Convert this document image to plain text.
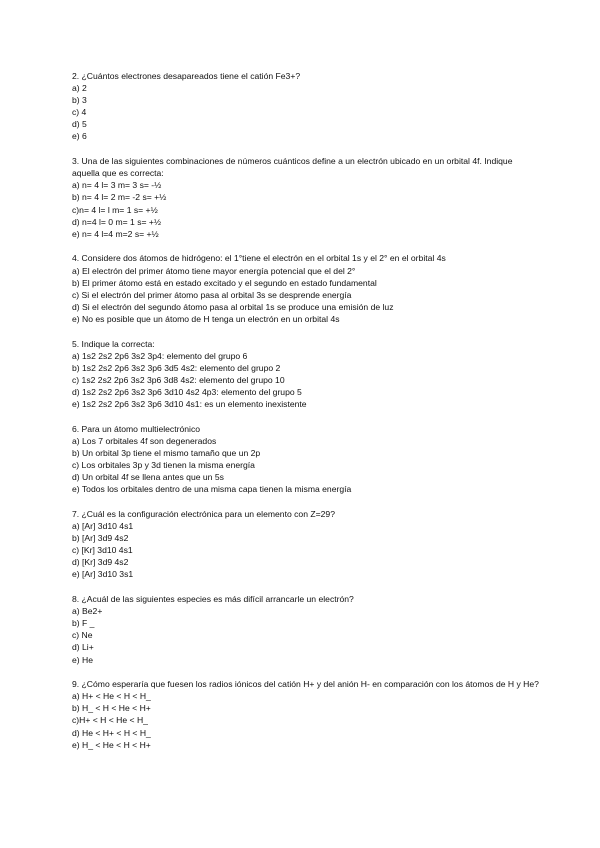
2. ¿Cuántos electrones desapareados tiene el catión Fe3+?

a) 2

b) 3

c) 4

d) 5

e) 6

3. Una de las siguientes combinaciones de números cuánticos define a un electrón ubicado en un orbital 4f. Indique aquella que es correcta:

a) n= 4 l= 3 m= 3 s= -½

b) n= 4 l= 2 m= -2 s= +½

c)n= 4 l= l m= 1 s= +½

d) n=4 l= 0 m= 1 s= +½

e) n= 4 l=4 m=2 s= +½

4. Considere dos átomos de hidrógeno: el 1°tiene el electrón en el orbital 1s y el 2° en el orbital 4s

a) El electrón del primer átomo tiene mayor energía potencial que el del 2°

b) El primer átomo está en estado excitado y el segundo en estado fundamental

c) Si el electrón del primer átomo pasa al orbital 3s se desprende energía

d) Si el electrón del segundo átomo pasa al orbital 1s se produce una emisión de luz

e) No es posible que un átomo de H tenga un electrón en un orbital 4s

5. Indique la correcta:

a) 1s2 2s2 2p6 3s2 3p4: elemento del grupo 6

b) 1s2 2s2 2p6 3s2 3p6 3d5 4s2: elemento del grupo 2

c) 1s2 2s2 2p6 3s2 3p6 3d8 4s2: elemento del grupo 10

d) 1s2 2s2 2p6 3s2 3p6 3d10 4s2 4p3: elemento del grupo 5

e) 1s2 2s2 2p6 3s2 3p6 3d10 4s1: es un elemento inexistente

6. Para un átomo multielectrónico

a) Los 7 orbitales 4f son degenerados

b) Un orbital 3p tiene el mismo tamaño que un 2p

c) Los orbitales 3p y 3d tienen la misma energía

d) Un orbital 4f se llena antes que un 5s

e) Todos los orbitales dentro de una misma capa tienen la misma energía

7. ¿Cuál es la configuración electrónica para un elemento con Z=29?

a) [Ar] 3d10 4s1

b) [Ar] 3d9 4s2

c) [Kr] 3d10 4s1

d) [Kr] 3d9 4s2

e) [Ar] 3d10 3s1

8. ¿Acuál de las siguientes especies es más difícil arrancarle un electrón?

a) Be2+

b) F _

c) Ne

d) Li+

e) He

9. ¿Cómo esperaría que fuesen los radios iónicos del catión H+ y del anión H- en comparación con los átomos de H y He?

a) H+ < He < H < H_

b) H_ < H < He < H+

c)H+ < H < He < H_

d) He < H+ < H < H_

e) H_ < He < H < H+
